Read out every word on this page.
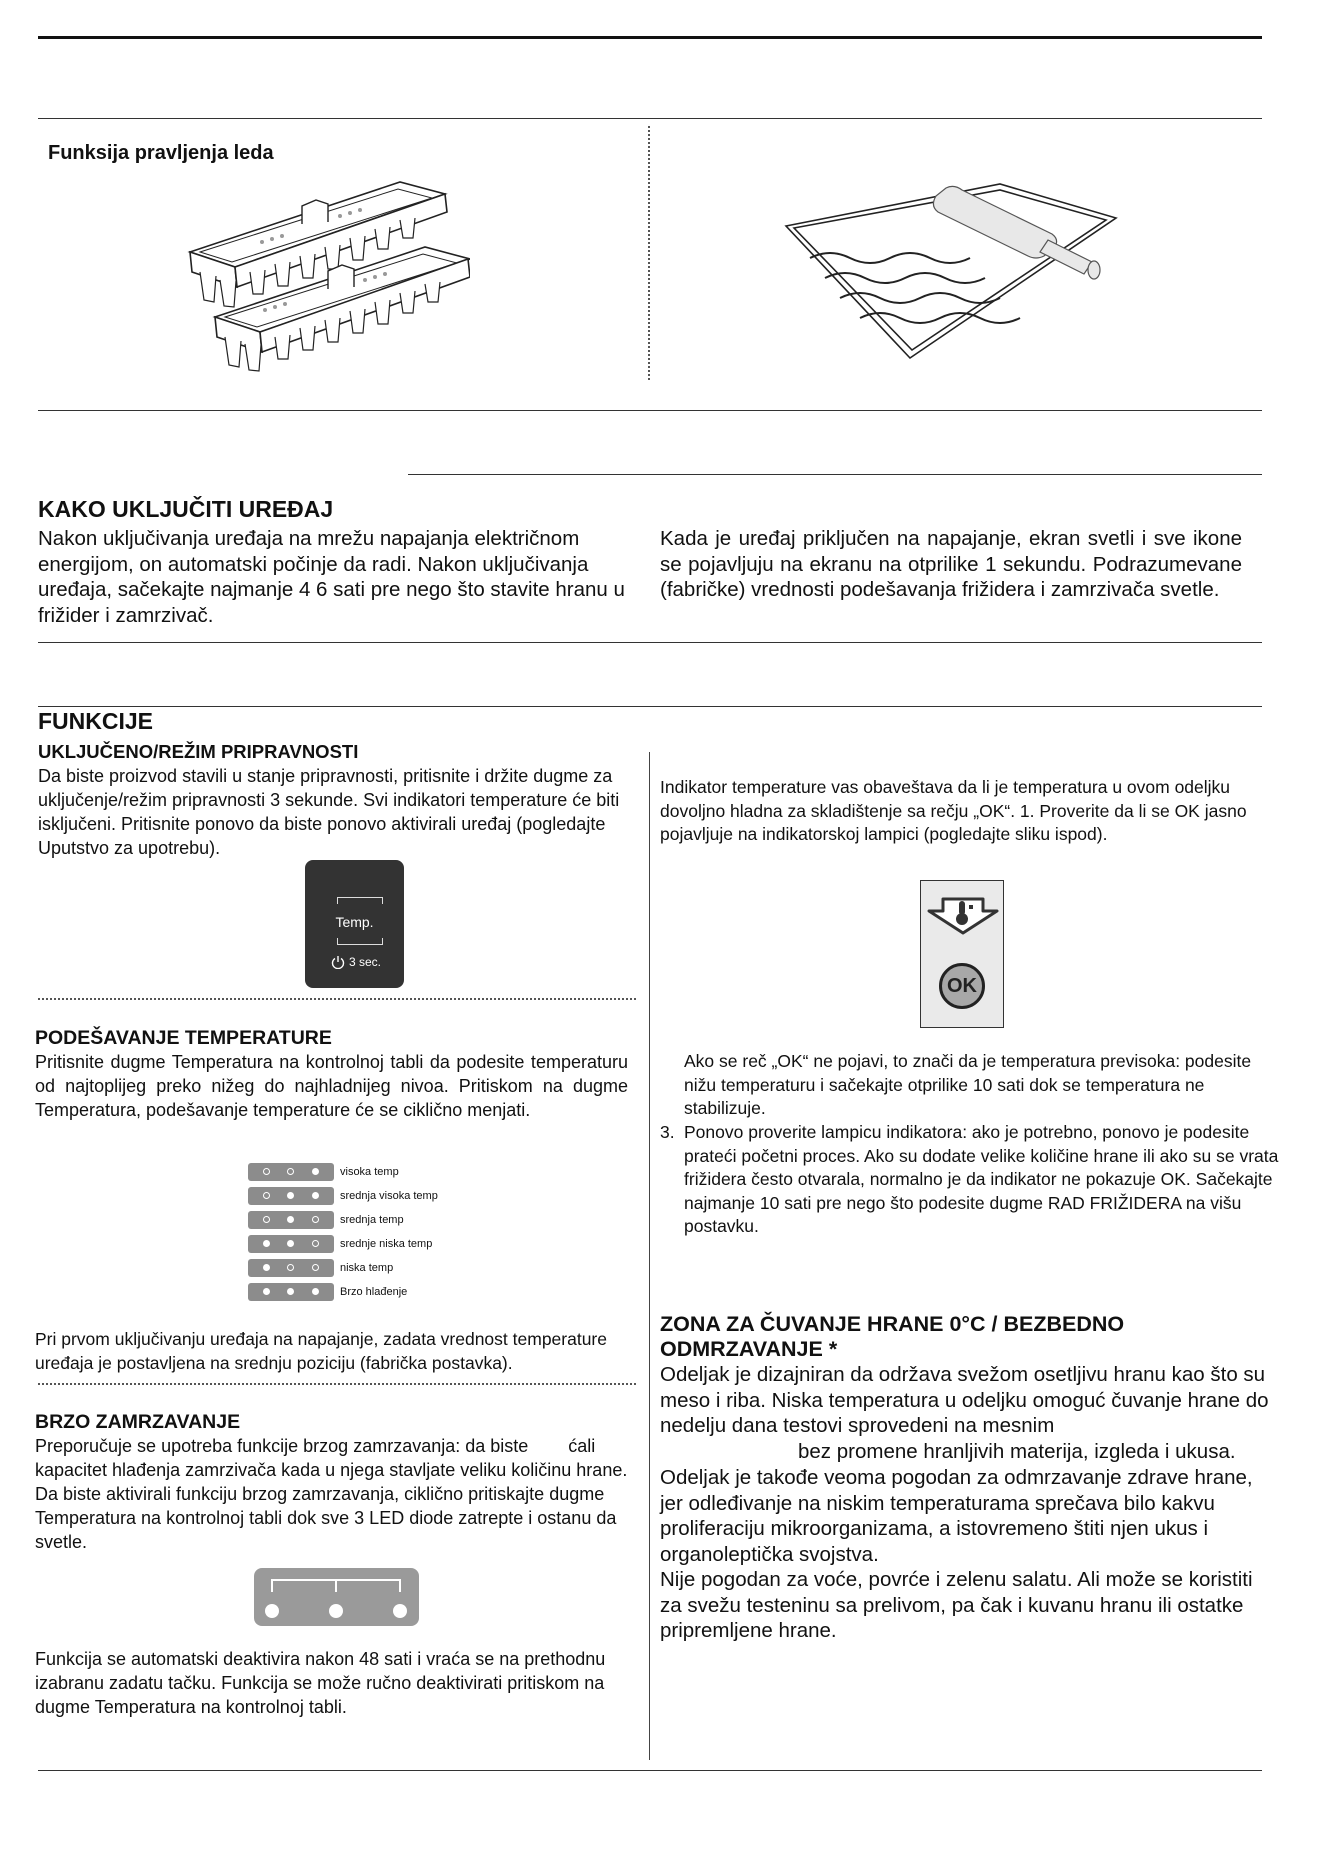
Funksija pravljenja leda
KAKO UKLJUČITI UREĐAJ
Nakon uključivanja uređaja na mrežu napajanja električnom energijom, on automatski počinje da radi. Nakon uključivanja uređaja, sačekajte najmanje 4 6 sati pre nego što stavite hranu u frižider i zamrzivač.
Kada je uređaj priključen na napajanje, ekran svetli i sve ikone se pojavljuju na ekranu na otprilike 1 sekundu. Podrazumevane (fabričke) vrednosti podešavanja frižidera i zamrzivača svetle.
FUNKCIJE
UKLJUČENO/REŽIM PRIPRAVNOSTI
Da biste proizvod stavili u stanje pripravnosti, pritisnite i držite dugme za uključenje/režim pripravnosti 3 sekunde. Svi indikatori temperature će biti isključeni. Pritisnite ponovo da biste ponovo aktivirali uređaj (pogledajte Uputstvo za upotrebu).
Temp.
3 sec.
PODEŠAVANJE TEMPERATURE
Pritisnite dugme Temperatura na kontrolnoj tabli da podesite temperaturu od najtoplijeg preko nižeg do najhladnijeg nivoa. Pritiskom na dugme Temperatura, podešavanje temperature će se ciklično menjati.
visoka temp
srednja visoka temp
srednja temp
srednje niska temp
niska temp
Brzo hlađenje
Pri prvom uključivanju uređaja na napajanje, zadata vrednost temperature uređaja je postavljena na srednju poziciju (fabrička postavka).
BRZO ZAMRZAVANJE
Preporučuje se upotreba funkcije brzog zamrzavanja: da biste        ćali kapacitet hlađenja zamrzivača kada u njega stavljate veliku količinu hrane. Da biste aktivirali funkciju brzog zamrzavanja, ciklično pritiskajte dugme Temperatura na kontrolnoj tabli dok sve 3 LED diode zatrepte i ostanu da svetle.
Funkcija se automatski deaktivira nakon 48 sati i vraća se na prethodnu izabranu zadatu tačku. Funkcija se može ručno deaktivirati pritiskom na dugme Temperatura na kontrolnoj tabli.
Indikator temperature vas obaveštava da li je temperatura u ovom odeljku dovoljno hladna za skladištenje sa rečju „OK“. 1. Proverite da li se OK jasno pojavljuje na indikatorskoj lampici (pogledajte sliku ispod).
OK
Ako se reč „OK“ ne pojavi, to znači da je temperatura previsoka: podesite nižu temperaturu i sačekajte otprilike 10 sati dok se temperatura ne stabilizuje.
3. Ponovo proverite lampicu indikatora: ako je potrebno, ponovo je podesite prateći početni proces. Ako su dodate velike količine hrane ili ako su se vrata frižidera često otvarala, normalno je da indikator ne pokazuje OK. Sačekajte najmanje 10 sati pre nego što podesite dugme RAD FRIŽIDERA na višu postavku.
ZONA ZA ČUVANJE HRANE 0°C / BEZBEDNO
ODMRZAVANJE *
Odeljak je dizajniran da održava svežom osetljivu hranu kao što su meso i riba. Niska temperatura u odeljku omoguć čuvanje hrane do nedelju dana testovi sprovedeni na mesnim
bez promene hranljivih materija, izgleda i ukusa.
Odeljak je takođe veoma pogodan za odmrzavanje zdrave hrane, jer odleđivanje na niskim temperaturama sprečava bilo kakvu proliferaciju mikroorganizama, a istovremeno štiti njen ukus i organoleptička svojstva.
Nije pogodan za voće, povrće i zelenu salatu. Ali može se koristiti za svežu testeninu sa prelivom, pa čak i kuvanu hranu ili ostatke pripremljene hrane.
